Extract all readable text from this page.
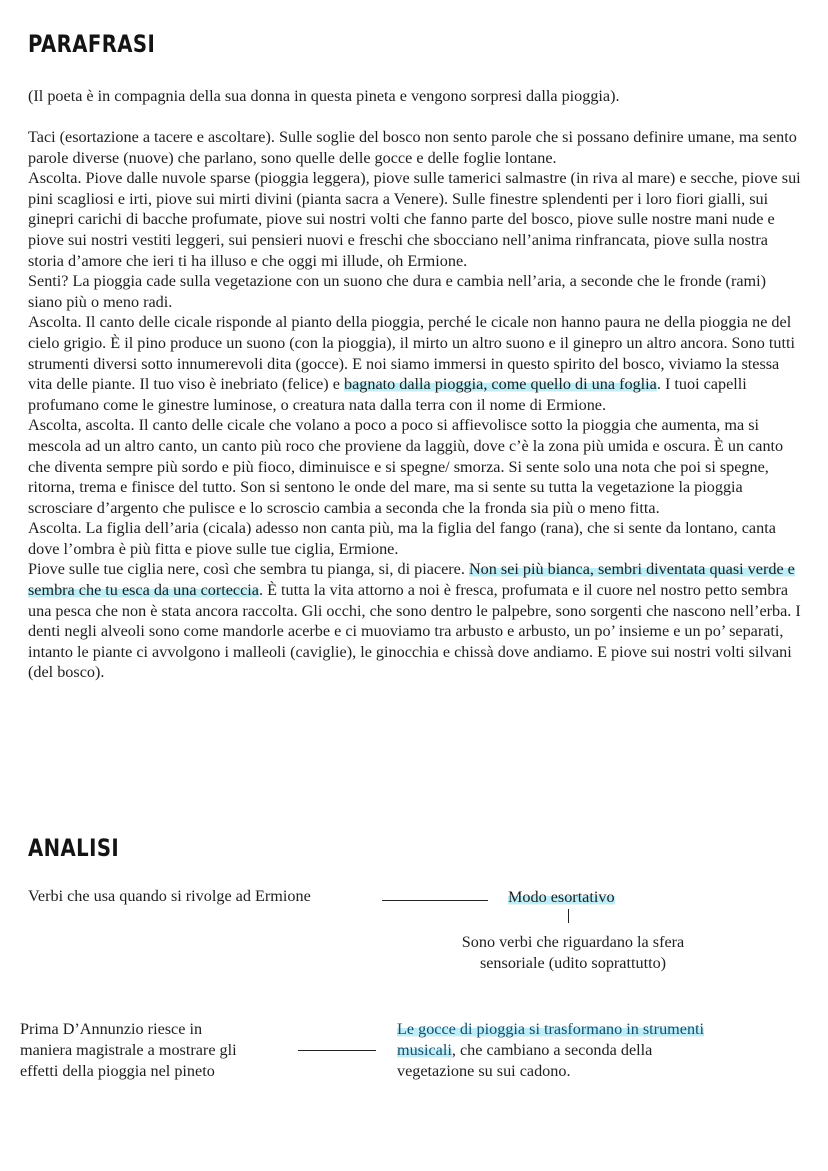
PARAFRASI

(Il poeta è in compagnia della sua donna in questa pineta e vengono sorpresi dalla pioggia).

Taci (esortazione a tacere e ascoltare). Sulle soglie del bosco non sento parole che si possano definire umane, ma sento parole diverse (nuove) che parlano, sono quelle delle gocce e delle foglie lontane.

Ascolta. Piove dalle nuvole sparse (pioggia leggera), piove sulle tamerici salmastre (in riva al mare) e secche, piove sui pini scagliosi e irti, piove sui mirti divini (pianta sacra a Venere). Sulle finestre splendenti per i loro fiori gialli, sui ginepri carichi di bacche profumate, piove sui nostri volti che fanno parte del bosco, piove sulle nostre mani nude e piove sui nostri vestiti leggeri, sui pensieri nuovi e freschi che sbocciano nell’anima rinfrancata, piove sulla nostra storia d’amore che ieri ti ha illuso e che oggi mi illude, oh Ermione.

Senti? La pioggia cade sulla vegetazione con un suono che dura e cambia nell’aria, a seconde che le fronde (rami) siano più o meno radi.

Ascolta. Il canto delle cicale risponde al pianto della pioggia, perché le cicale non hanno paura ne della pioggia ne del cielo grigio. È il pino produce un suono (con la pioggia), il mirto un altro suono e il ginepro un altro ancora. Sono tutti strumenti diversi sotto innumerevoli dita (gocce). E noi siamo immersi in questo spirito del bosco, viviamo la stessa vita delle piante. Il tuo viso è inebriato (felice) e bagnato dalla pioggia, come quello di una foglia. I tuoi capelli profumano come le ginestre luminose, o creatura nata dalla terra con il nome di Ermione.

Ascolta, ascolta. Il canto delle cicale che volano a poco a poco si affievolisce sotto la pioggia che aumenta, ma si mescola ad un altro canto, un canto più roco che proviene da laggiù, dove c’è la zona più umida e oscura. È un canto che diventa sempre più sordo e più fioco, diminuisce e si spegne/ smorza. Si sente solo una nota che poi si spegne, ritorna, trema e finisce del tutto. Son si sentono le onde del mare, ma si sente su tutta la vegetazione la pioggia scrosciare d’argento che pulisce e lo scroscio cambia a seconda che la fronda sia più o meno fitta.

Ascolta. La figlia dell’aria (cicala) adesso non canta più, ma la figlia del fango (rana), che si sente da lontano, canta dove l’ombra è più fitta e piove sulle tue ciglia, Ermione.

Piove sulle tue ciglia nere, così che sembra tu pianga, si, di piacere. Non sei più bianca, sembri diventata quasi verde e sembra che tu esca da una corteccia. È tutta la vita attorno a noi è fresca, profumata e il cuore nel nostro petto sembra una pesca che non è stata ancora raccolta. Gli occhi, che sono dentro le palpebre, sono sorgenti che nascono nell’erba. I denti negli alveoli sono come mandorle acerbe e ci muoviamo tra arbusto e arbusto, un po’ insieme e un po’ separati, intanto le piante ci avvolgono i malleoli (caviglie), le ginocchia e chissà dove andiamo. E piove sui nostri volti silvani (del bosco).

ANALISI
Verbi che usa quando si rivolge ad Ermione	Modo esortativo
Sono verbi che riguardano la sfera
sensoriale (udito soprattutto)
Prima D’Annunzio riesce in
maniera magistrale a mostrare gli
effetti della pioggia nel pineto
Le gocce di pioggia si trasformano in strumenti
musicali, che cambiano a seconda della
vegetazione su sui cadono.
